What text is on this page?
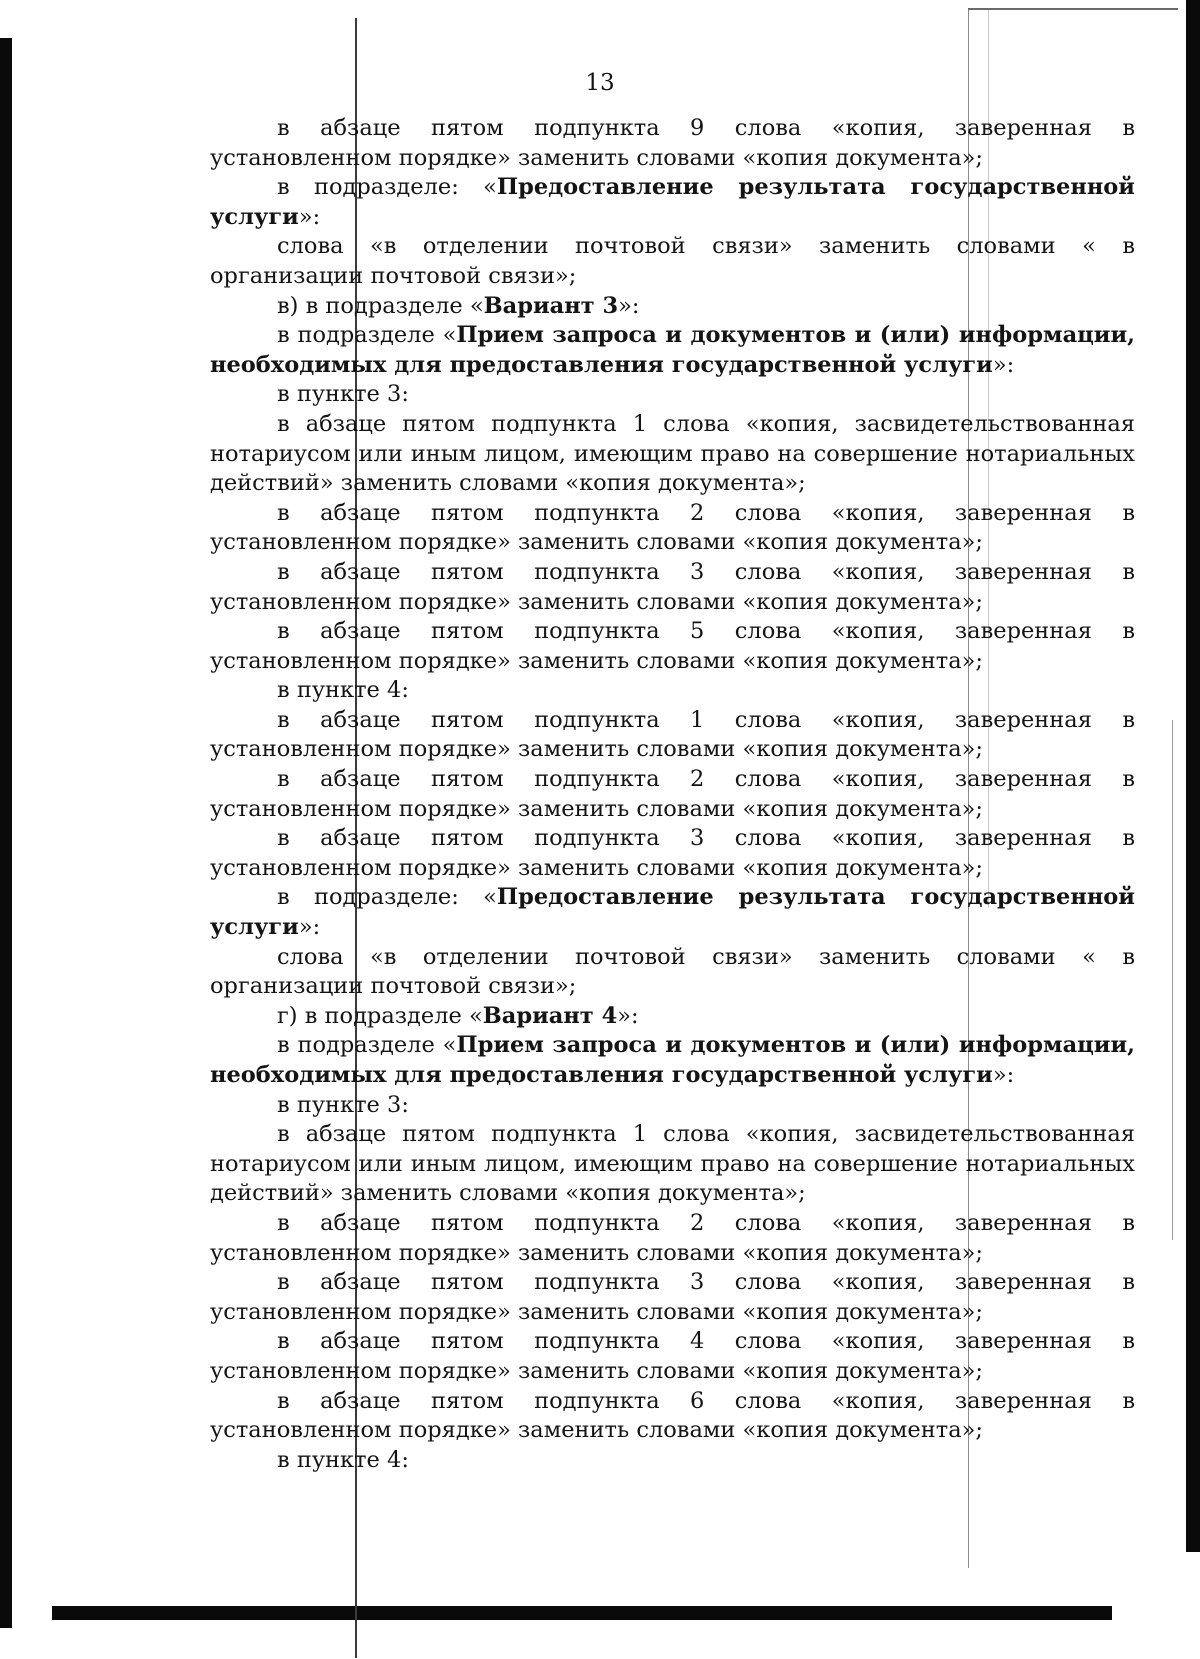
13
в абзаце пятом подпункта 9 слова «копия, заверенная в установленном порядке» заменить словами «копия документа»;
в подразделе: «Предоставление результата государственной услуги»:
слова «в отделении почтовой связи» заменить словами « в организации почтовой связи»;
в) в подразделе «Вариант 3»:
в подразделе «Прием запроса и документов и (или) информации, необходимых для предоставления государственной услуги»:
в пункте 3:
в абзаце пятом подпункта 1 слова «копия, засвидетельствованная нотариусом или иным лицом, имеющим право на совершение нотариальных действий» заменить словами «копия документа»;
в абзаце пятом подпункта 2 слова «копия, заверенная в установленном порядке» заменить словами «копия документа»;
в абзаце пятом подпункта 3 слова «копия, заверенная в установленном порядке» заменить словами «копия документа»;
в абзаце пятом подпункта 5 слова «копия, заверенная в установленном порядке» заменить словами «копия документа»;
в пункте 4:
в абзаце пятом подпункта 1 слова «копия, заверенная в установленном порядке» заменить словами «копия документа»;
в абзаце пятом подпункта 2 слова «копия, заверенная в установленном порядке» заменить словами «копия документа»;
в абзаце пятом подпункта 3 слова «копия, заверенная в установленном порядке» заменить словами «копия документа»;
в подразделе: «Предоставление результата государственной услуги»:
слова «в отделении почтовой связи» заменить словами « в организации почтовой связи»;
г) в подразделе «Вариант 4»:
в подразделе «Прием запроса и документов и (или) информации, необходимых для предоставления государственной услуги»:
в пункте 3:
в абзаце пятом подпункта 1 слова «копия, засвидетельствованная нотариусом или иным лицом, имеющим право на совершение нотариальных действий» заменить словами «копия документа»;
в абзаце пятом подпункта 2 слова «копия, заверенная в установленном порядке» заменить словами «копия документа»;
в абзаце пятом подпункта 3 слова «копия, заверенная в установленном порядке» заменить словами «копия документа»;
в абзаце пятом подпункта 4 слова «копия, заверенная в установленном порядке» заменить словами «копия документа»;
в абзаце пятом подпункта 6 слова «копия, заверенная в установленном порядке» заменить словами «копия документа»;
в пункте 4:
